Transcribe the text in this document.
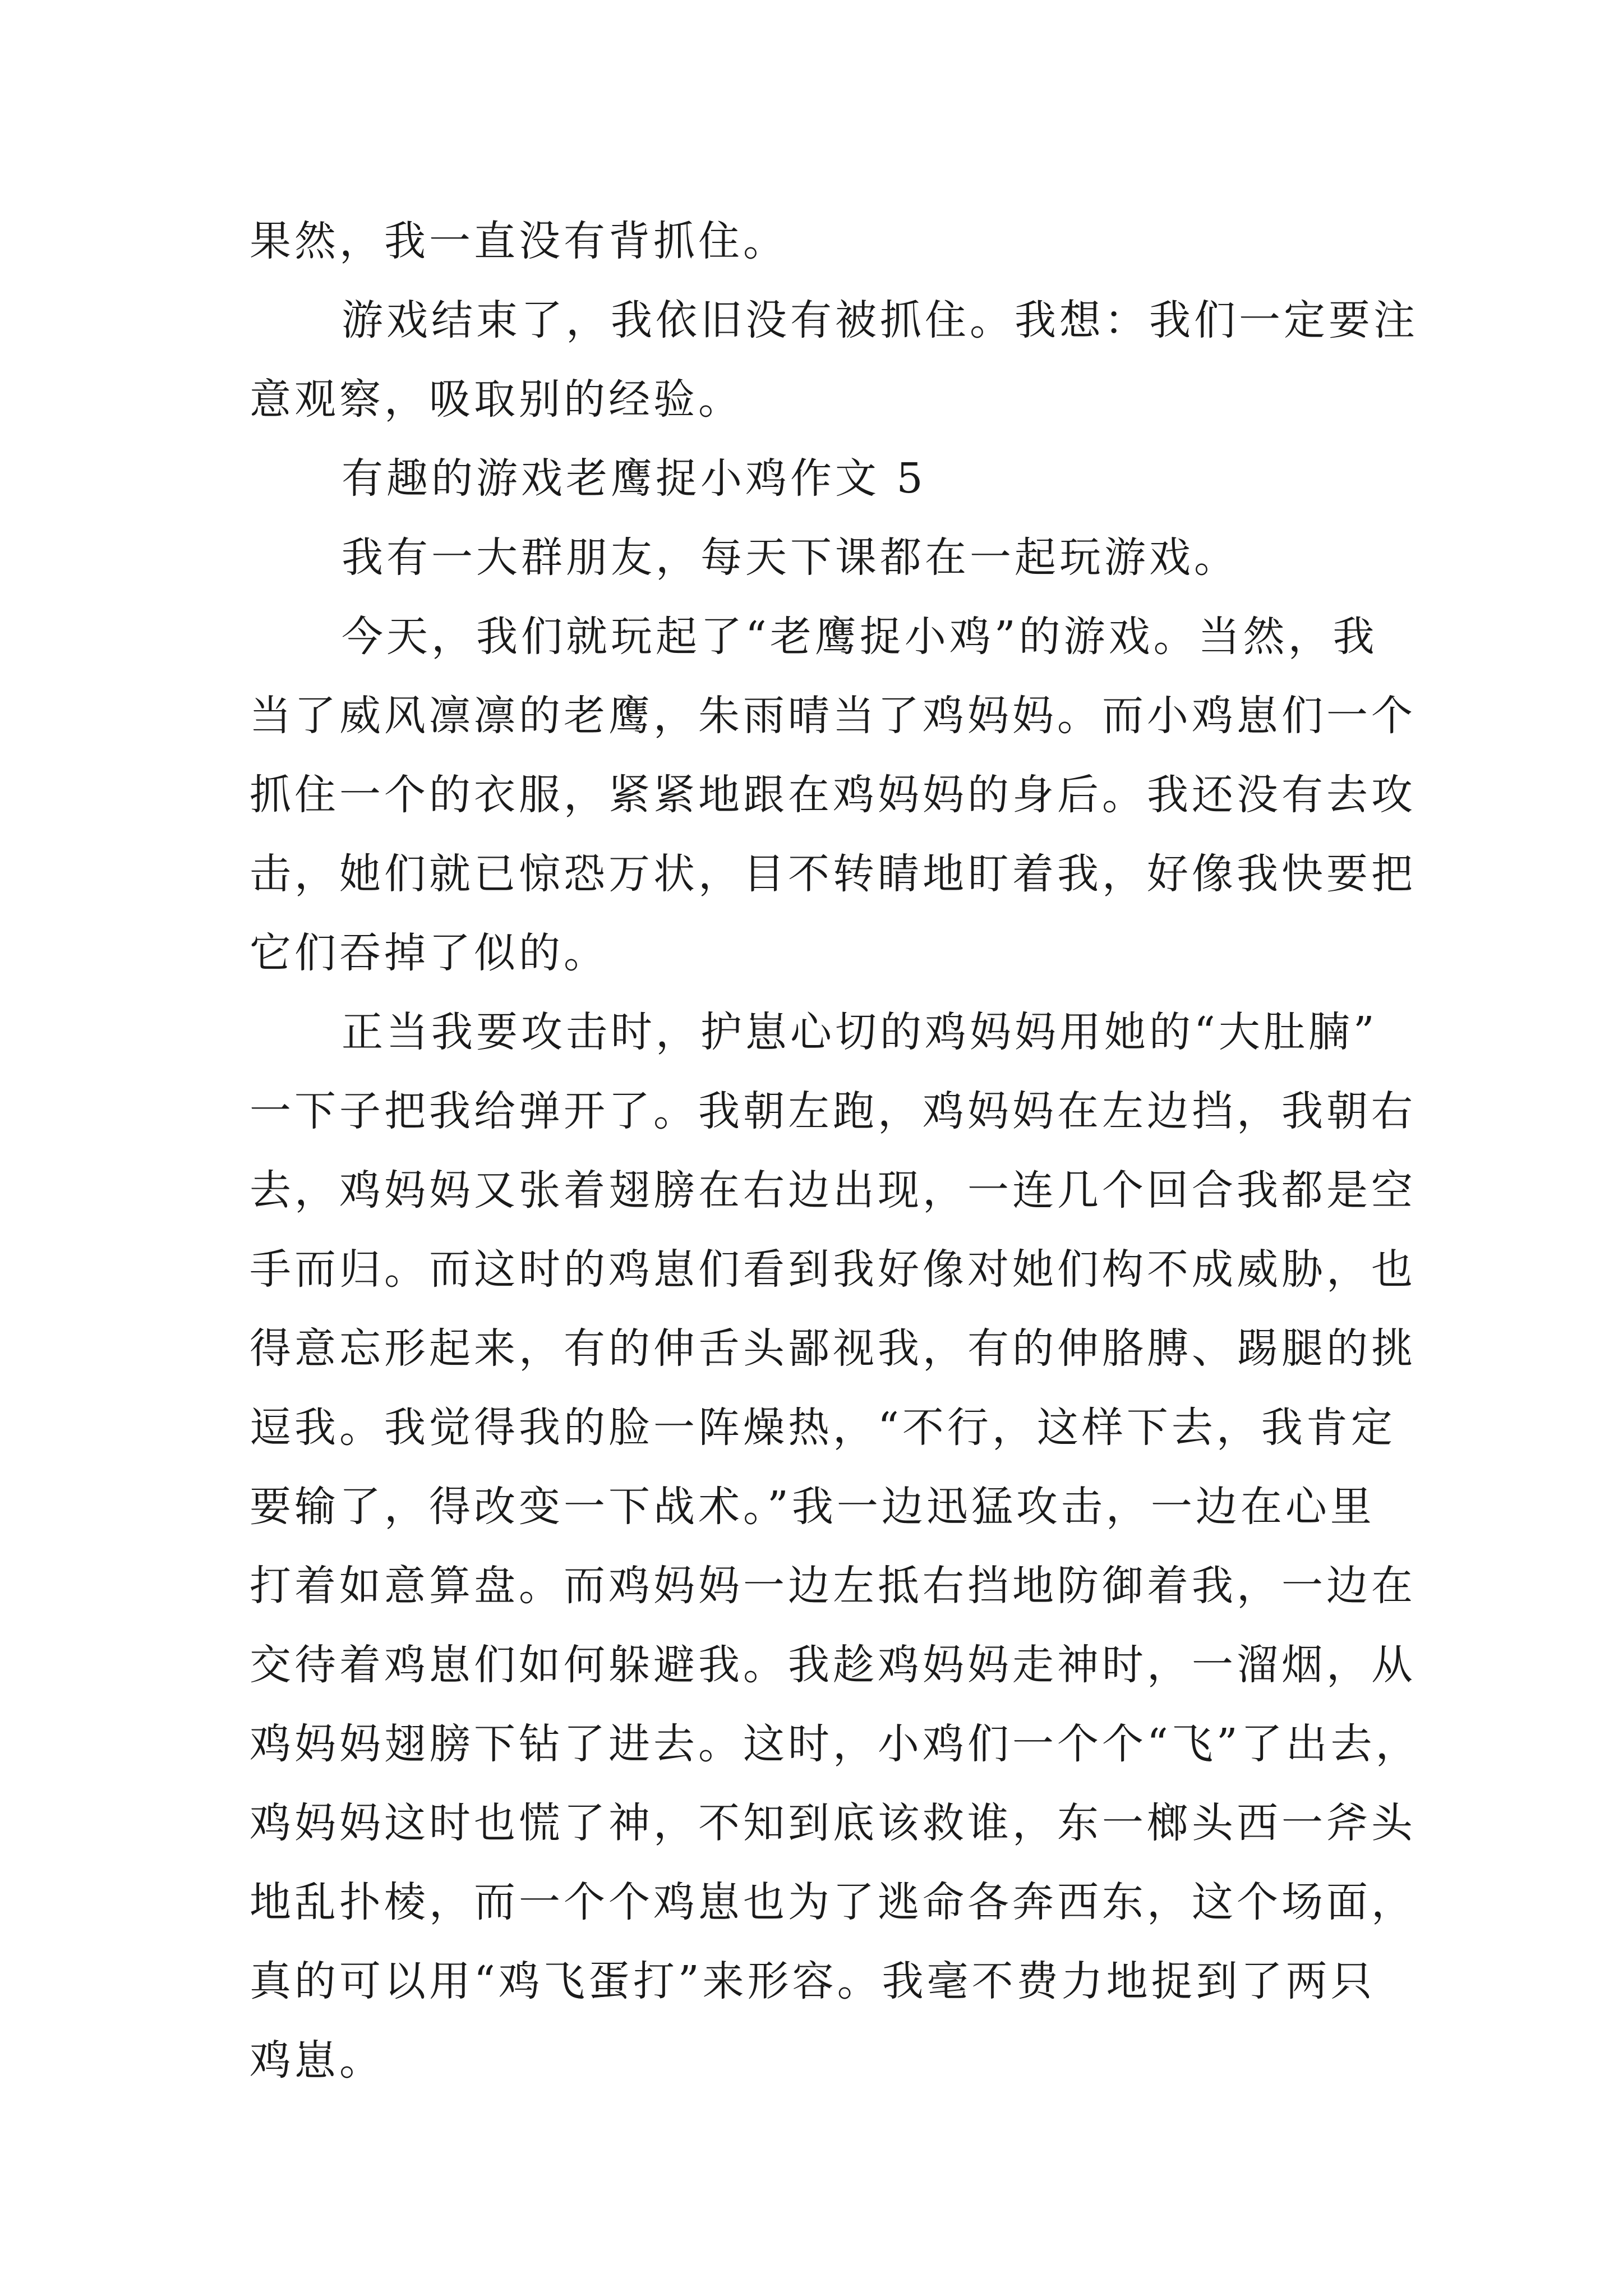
果然，我一直没有背抓住。
游戏结束了，我依旧没有被抓住。我想：我们一定要注
意观察，吸取别的经验。
有趣的游戏老鹰捉小鸡作文 5
我有一大群朋友，每天下课都在一起玩游戏。
今天，我们就玩起了“老鹰捉小鸡”的游戏。当然，我
当了威风凛凛的老鹰，朱雨晴当了鸡妈妈。而小鸡崽们一个
抓住一个的衣服，紧紧地跟在鸡妈妈的身后。我还没有去攻
击，她们就已惊恐万状，目不转睛地盯着我，好像我快要把
它们吞掉了似的。
正当我要攻击时，护崽心切的鸡妈妈用她的“大肚腩”
一下子把我给弹开了。我朝左跑，鸡妈妈在左边挡，我朝右
去，鸡妈妈又张着翅膀在右边出现，一连几个回合我都是空
手而归。而这时的鸡崽们看到我好像对她们构不成威胁，也
得意忘形起来，有的伸舌头鄙视我，有的伸胳膊、踢腿的挑
逗我。我觉得我的脸一阵燥热，“不行，这样下去，我肯定
要输了，得改变一下战术。”我一边迅猛攻击，一边在心里
打着如意算盘。而鸡妈妈一边左抵右挡地防御着我，一边在
交待着鸡崽们如何躲避我。我趁鸡妈妈走神时，一溜烟，从
鸡妈妈翅膀下钻了进去。这时，小鸡们一个个“飞”了出去，
鸡妈妈这时也慌了神，不知到底该救谁，东一榔头西一斧头
地乱扑棱，而一个个鸡崽也为了逃命各奔西东，这个场面，
真的可以用“鸡飞蛋打”来形容。我毫不费力地捉到了两只
鸡崽。
